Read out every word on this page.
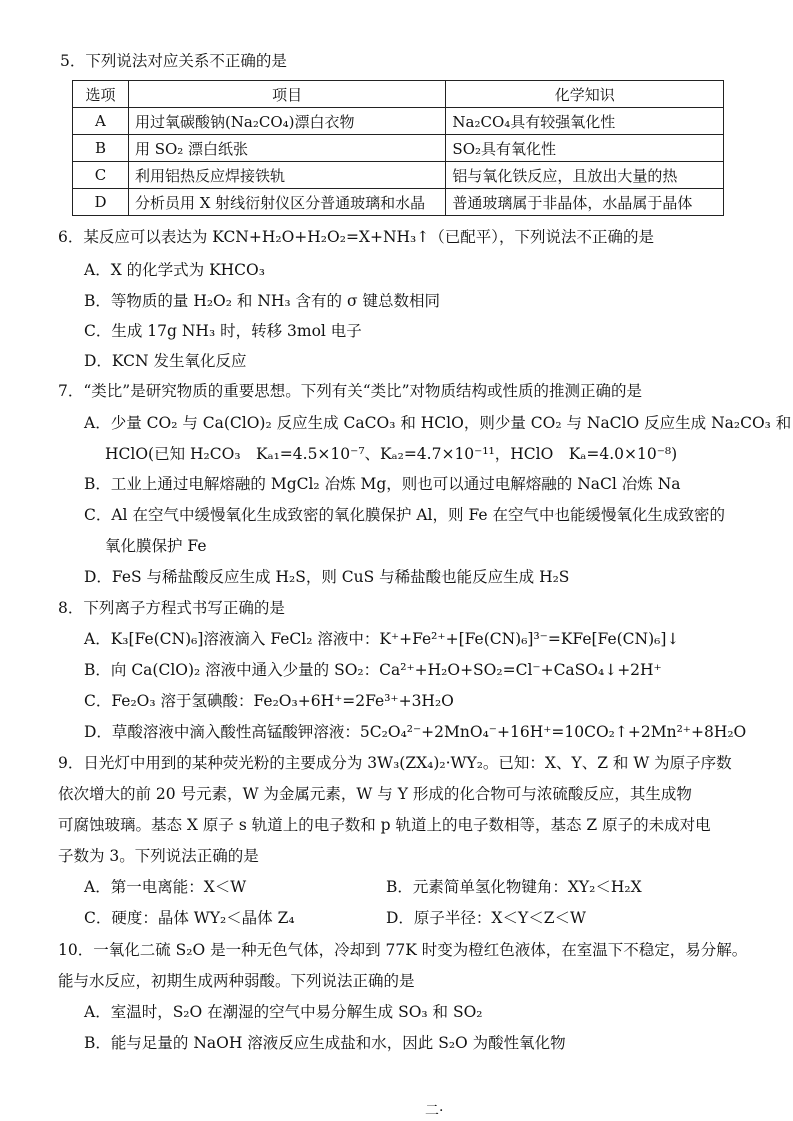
5．下列说法对应关系不正确的是
选项	项目	化学知识
A	用过氧碳酸钠(Na₂CO₄)漂白衣物	Na₂CO₄具有较强氧化性
B	用 SO₂ 漂白纸张	SO₂具有氧化性
C	利用铝热反应焊接铁轨	铝与氧化铁反应，且放出大量的热
D	分析员用 X 射线衍射仪区分普通玻璃和水晶	普通玻璃属于非晶体，水晶属于晶体
6．某反应可以表达为 KCN+H₂O+H₂O₂=X+NH₃↑（已配平），下列说法不正确的是
A．X 的化学式为 KHCO₃
B．等物质的量 H₂O₂ 和 NH₃ 含有的 σ 键总数相同
C．生成 17g NH₃ 时，转移 3mol 电子
D．KCN 发生氧化反应
7．“类比”是研究物质的重要思想。下列有关“类比”对物质结构或性质的推测正确的是
A．少量 CO₂ 与 Ca(ClO)₂ 反应生成 CaCO₃ 和 HClO，则少量 CO₂ 与 NaClO 反应生成 Na₂CO₃ 和
HClO(已知 H₂CO₃　Kₐ₁=4.5×10⁻⁷、Kₐ₂=4.7×10⁻¹¹，HClO　Kₐ=4.0×10⁻⁸)
B．工业上通过电解熔融的 MgCl₂ 冶炼 Mg，则也可以通过电解熔融的 NaCl 冶炼 Na
C．Al 在空气中缓慢氧化生成致密的氧化膜保护 Al，则 Fe 在空气中也能缓慢氧化生成致密的
氧化膜保护 Fe
D．FeS 与稀盐酸反应生成 H₂S，则 CuS 与稀盐酸也能反应生成 H₂S
8．下列离子方程式书写正确的是
A．K₃[Fe(CN)₆]溶液滴入 FeCl₂ 溶液中：K⁺+Fe²⁺+[Fe(CN)₆]³⁻=KFe[Fe(CN)₆]↓
B．向 Ca(ClO)₂ 溶液中通入少量的 SO₂：Ca²⁺+H₂O+SO₂=Cl⁻+CaSO₄↓+2H⁺
C．Fe₂O₃ 溶于氢碘酸：Fe₂O₃+6H⁺=2Fe³⁺+3H₂O
D．草酸溶液中滴入酸性高锰酸钾溶液：5C₂O₄²⁻+2MnO₄⁻+16H⁺=10CO₂↑+2Mn²⁺+8H₂O
9．日光灯中用到的某种荧光粉的主要成分为 3W₃(ZX₄)₂·WY₂。已知：X、Y、Z 和 W 为原子序数
依次增大的前 20 号元素，W 为金属元素，W 与 Y 形成的化合物可与浓硫酸反应，其生成物
可腐蚀玻璃。基态 X 原子 s 轨道上的电子数和 p 轨道上的电子数相等，基态 Z 原子的未成对电
子数为 3。下列说法正确的是
A．第一电离能：X＜W	B．元素简单氢化物键角：XY₂＜H₂X
C．硬度：晶体 WY₂＜晶体 Z₄	D．原子半径：X＜Y＜Z＜W
10．一氧化二硫 S₂O 是一种无色气体，冷却到 77K 时变为橙红色液体，在室温下不稳定，易分解。
能与水反应，初期生成两种弱酸。下列说法正确的是
A．室温时，S₂O 在潮湿的空气中易分解生成 SO₃ 和 SO₂
B．能与足量的 NaOH 溶液反应生成盐和水，因此 S₂O 为酸性氧化物
二·
